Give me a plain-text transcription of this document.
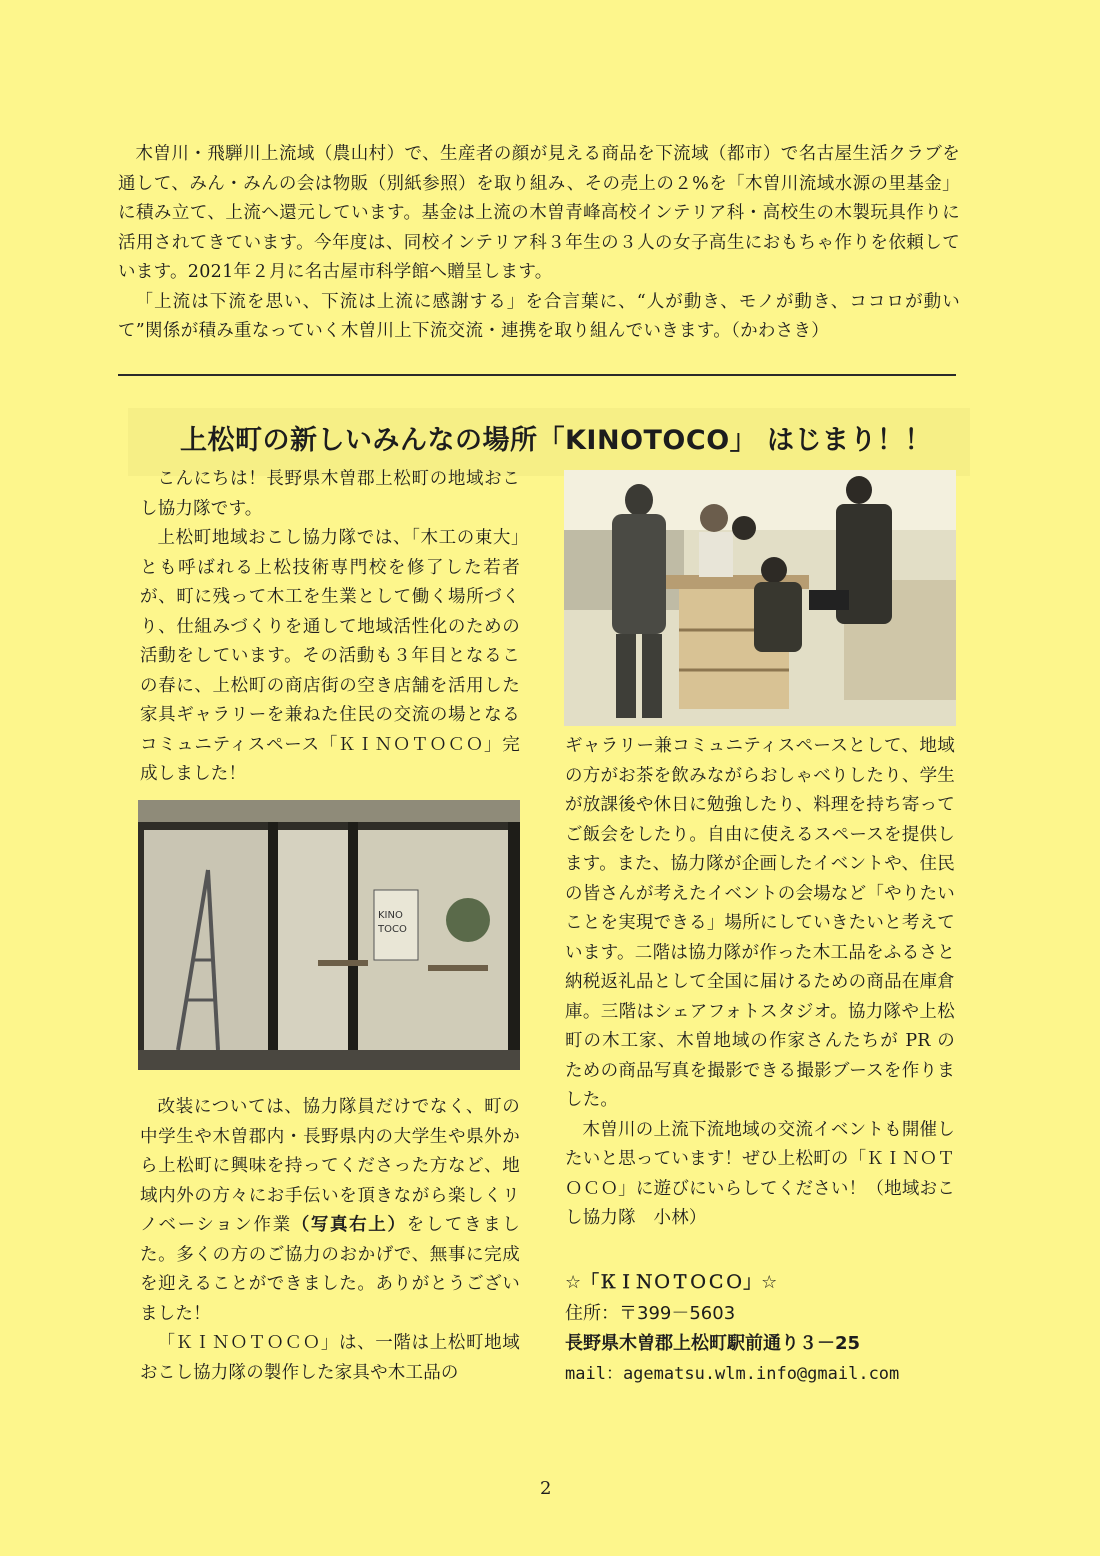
木曽川・飛騨川上流域（農山村）で、生産者の顔が見える商品を下流域（都市）で名古屋生活クラブを通して、みん・みんの会は物販（別紙参照）を取り組み、その売上の２%を「木曽川流域水源の里基金」に積み立て、上流へ還元しています。基金は上流の木曽青峰高校インテリア科・高校生の木製玩具作りに活用されてきています。今年度は、同校インテリア科３年生の３人の女子高生におもちゃ作りを依頼しています。2021年２月に名古屋市科学館へ贈呈します。

「上流は下流を思い、下流は上流に感謝する」を合言葉に、“人が動き、モノが動き、ココロが動いて”関係が積み重なっていく木曽川上下流交流・連携を取り組んでいきます。（かわさき）

上松町の新しいみんなの場所「KINOTOCO」 はじまり！！

こんにちは！長野県木曽郡上松町の地域おこし協力隊です。

上松町地域おこし協力隊では、「木工の東大」とも呼ばれる上松技術専門校を修了した若者が、町に残って木工を生業として働く場所づくり、仕組みづくりを通して地域活性化のための活動をしています。その活動も３年目となるこの春に、上松町の商店街の空き店舗を活用した家具ギャラリーを兼ねた住民の交流の場となるコミュニティスペース「ＫＩＮＯＴＯＣＯ」完成しました！

KINO TOCO

改装については、協力隊員だけでなく、町の中学生や木曽郡内・長野県内の大学生や県外から上松町に興味を持ってくださった方など、地域内外の方々にお手伝いを頂きながら楽しくリノベーション作業（写真右上）をしてきました。多くの方のご協力のおかげで、無事に完成を迎えることができました。ありがとうございました！

「ＫＩＮＯＴＯＣＯ」は、一階は上松町地域おこし協力隊の製作した家具や木工品の

ギャラリー兼コミュニティスペースとして、地域の方がお茶を飲みながらおしゃべりしたり、学生が放課後や休日に勉強したり、料理を持ち寄ってご飯会をしたり。自由に使えるスペースを提供します。また、協力隊が企画したイベントや、住民の皆さんが考えたイベントの会場など「やりたいことを実現できる」場所にしていきたいと考えています。二階は協力隊が作った木工品をふるさと納税返礼品として全国に届けるための商品在庫倉庫。三階はシェアフォトスタジオ。協力隊や上松町の木工家、木曽地域の作家さんたちが PR のための商品写真を撮影できる撮影ブースを作りました。

木曽川の上流下流地域の交流イベントも開催したいと思っています！ぜひ上松町の「ＫＩＮＯＴＯＣＯ」に遊びにいらしてください！（地域おこし協力隊　小林）

☆「ＫＩＮＯＴＯＣＯ」☆
住所：〒399－5603
長野県木曽郡上松町駅前通り３－25
mail：agematsu.wlm.info@gmail.com
2
